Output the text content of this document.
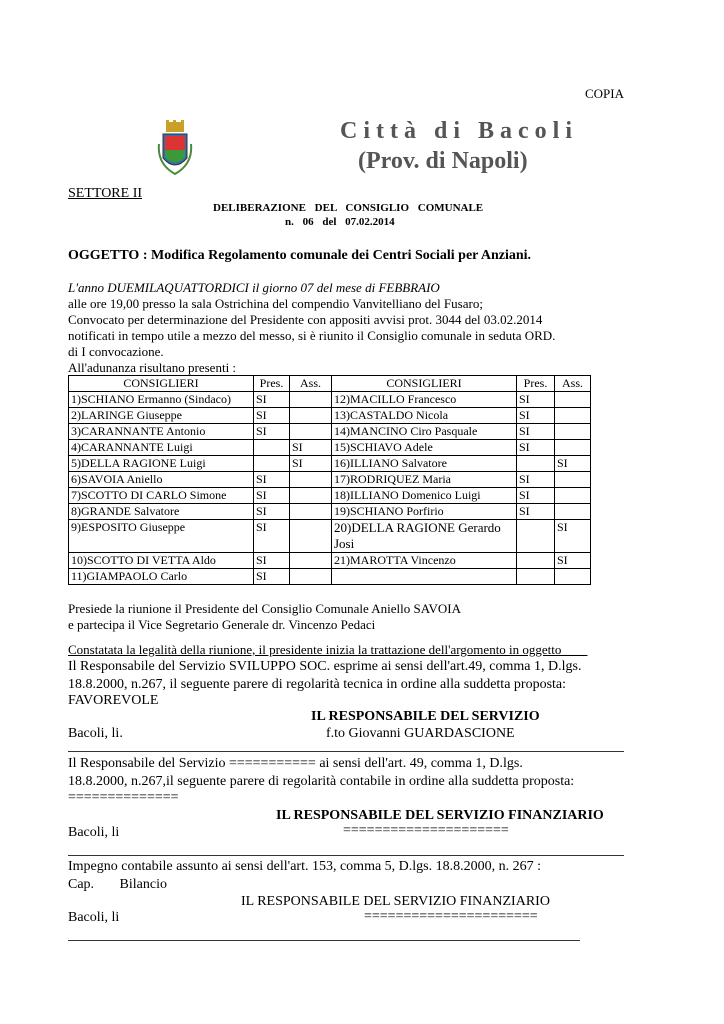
COPIA
Città di Bacoli
(Prov. di Napoli)
SETTORE II
DELIBERAZIONE DEL CONSIGLIO COMUNALE
n. 06 del 07.02.2014
OGGETTO : Modifica Regolamento comunale dei Centri Sociali per Anziani.
L'anno DUEMILAQUATTORDICI il giorno 07 del mese di FEBBRAIO
alle ore 19,00 presso la sala Ostrichina del compendio Vanvitelliano del Fusaro;
Convocato per determinazione del Presidente con appositi avvisi prot. 3044 del 03.02.2014
notificati in tempo utile a mezzo del messo, si è riunito il Consiglio comunale in seduta ORD.
di I convocazione.
All'adunanza risultano presenti :
CONSIGLIERI	Pres.	Ass.	CONSIGLIERI	Pres.	Ass.
1)SCHIANO Ermanno (Sindaco)	SI		12)MACILLO Francesco	SI	
2)LARINGE Giuseppe	SI		13)CASTALDO Nicola	SI	
3)CARANNANTE Antonio	SI		14)MANCINO Ciro Pasquale	SI	
4)CARANNANTE Luigi		SI	15)SCHIAVO Adele	SI	
5)DELLA RAGIONE Luigi		SI	16)ILLIANO Salvatore		SI
6)SAVOIA Aniello	SI		17)RODRIQUEZ Maria	SI	
7)SCOTTO DI CARLO Simone	SI		18)ILLIANO Domenico Luigi	SI	
8)GRANDE Salvatore	SI		19)SCHIANO Porfirio	SI	
9)ESPOSITO Giuseppe	SI		20)DELLA RAGIONE Gerardo Josi		SI
10)SCOTTO DI VETTA Aldo	SI		21)MAROTTA Vincenzo		SI
11)GIAMPAOLO Carlo	SI				
Presiede la riunione il Presidente del Consiglio Comunale Aniello SAVOIA
e partecipa il Vice Segretario Generale dr. Vincenzo Pedaci
Constatata la legalità della riunione, il presidente inizia la trattazione dell'argomento in oggetto____
Il Responsabile del Servizio SVILUPPO SOC. esprime ai sensi dell'art.49, comma 1, D.lgs.
18.8.2000, n.267, il seguente parere di regolarità tecnica in ordine alla suddetta proposta:
FAVOREVOLE
IL RESPONSABILE DEL SERVIZIO
Bacoli, li.	f.to Giovanni GUARDASCIONE
Il Responsabile del Servizio =========== ai sensi dell'art. 49, comma 1, D.lgs.
18.8.2000, n.267,il seguente parere di regolarità contabile in ordine alla suddetta proposta:
==============
IL RESPONSABILE DEL SERVIZIO FINANZIARIO
Bacoli, li	=====================
Impegno contabile assunto ai sensi dell'art. 153, comma 5, D.lgs. 18.8.2000, n. 267 :
Cap. Bilancio
IL RESPONSABILE DEL SERVIZIO FINANZIARIO
Bacoli, li	======================
